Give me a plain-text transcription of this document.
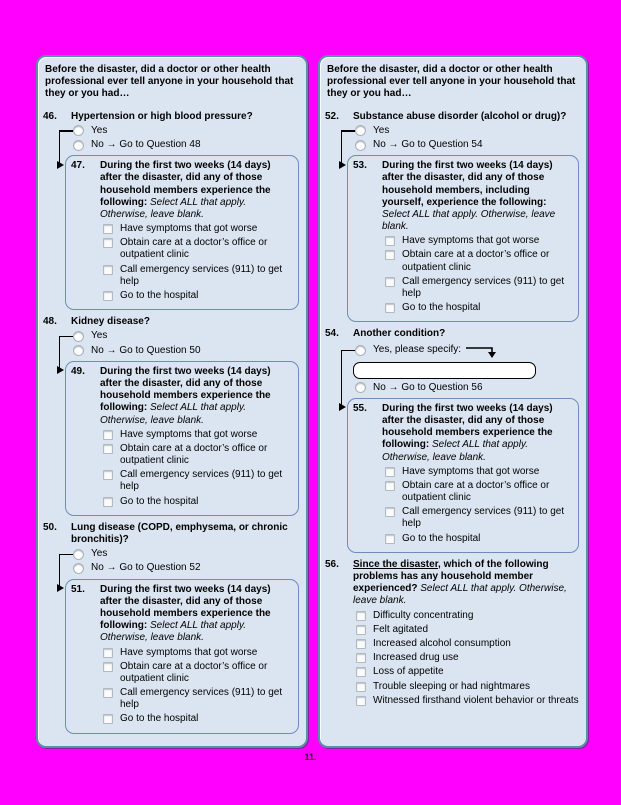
Before the disaster, did a doctor or other health professional ever tell anyone in your household that they or you had…
46.	Hypertension or high blood pressure?
Yes
No → Go to Question 48
47.	During the first two weeks (14 days) after the disaster, did any of those household members experience the following: Select ALL that apply. Otherwise, leave blank.
Have symptoms that got worse
Obtain care at a doctor’s office or outpatient clinic
Call emergency services (911) to get help
Go to the hospital
48.	Kidney disease?
Yes
No → Go to Question 50
49.	During the first two weeks (14 days) after the disaster, did any of those household members experience the following: Select ALL that apply. Otherwise, leave blank.
Have symptoms that got worse
Obtain care at a doctor’s office or outpatient clinic
Call emergency services (911) to get help
Go to the hospital
50.	Lung disease (COPD, emphysema, or chronic bronchitis)?
Yes
No → Go to Question 52
51.	During the first two weeks (14 days) after the disaster, did any of those household members experience the following: Select ALL that apply. Otherwise, leave blank.
Have symptoms that got worse
Obtain care at a doctor’s office or outpatient clinic
Call emergency services (911) to get help
Go to the hospital
Before the disaster, did a doctor or other health professional ever tell anyone in your household that they or you had…
52.	Substance abuse disorder (alcohol or drug)?
Yes
No → Go to Question 54
53.	During the first two weeks (14 days) after the disaster, did any of those household members, including yourself, experience the following: Select ALL that apply. Otherwise, leave blank.
Have symptoms that got worse
Obtain care at a doctor’s office or outpatient clinic
Call emergency services (911) to get help
Go to the hospital
54.	Another condition?
Yes, please specify:
No → Go to Question 56
55.	During the first two weeks (14 days) after the disaster, did any of those household members experience the following: Select ALL that apply. Otherwise, leave blank.
Have symptoms that got worse
Obtain care at a doctor’s office or outpatient clinic
Call emergency services (911) to get help
Go to the hospital
56.	Since the disaster, which of the following problems has any household member experienced? Select ALL that apply. Otherwise, leave blank.
Difficulty concentrating
Felt agitated
Increased alcohol consumption
Increased drug use
Loss of appetite
Trouble sleeping or had nightmares
Witnessed firsthand violent behavior or threats
11.
